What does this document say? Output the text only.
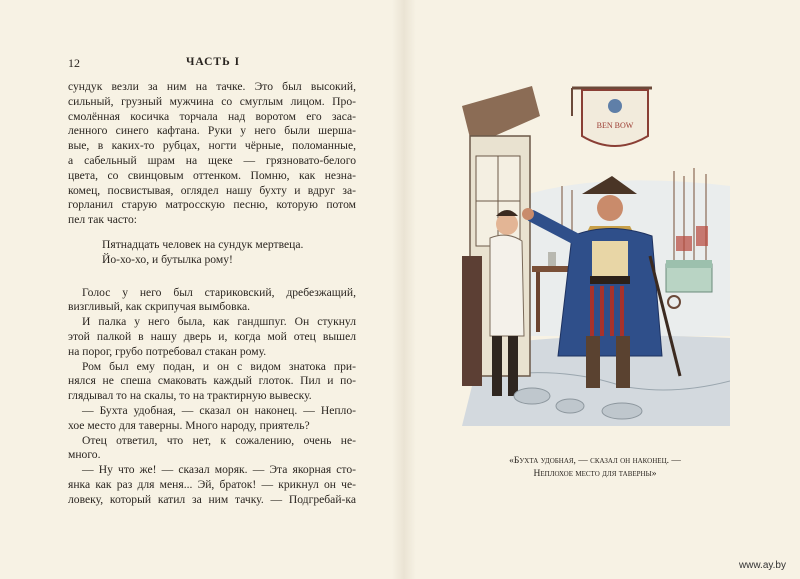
12	ЧАСТЬ I
сундук везли за ним на тачке. Это был высокий,
сильный, грузный мужчина со смуглым лицом. Про-
смолённая косичка торчала над воротом его заса-
ленного синего кафтана. Руки у него были шерша-
вые, в каких-то рубцах, ногти чёрные, поломанные,
а сабельный шрам на щеке — грязновато-белого
цвета, со свинцовым оттенком. Помню, как незна-
комец, посвистывая, оглядел нашу бухту и вдруг за-
горланил старую матросскую песню, которую потом
пел так часто:
Пятнадцать человек на сундук мертвеца.
Йо-хо-хо, и бутылка рому!
Голос у него был стариковский, дребезжащий,
визгливый, как скрипучая вымбовка.
И палка у него была, как гандшпуг. Он стукнул
этой палкой в нашу дверь и, когда мой отец вышел
на порог, грубо потребовал стакан рому.
Ром был ему подан, и он с видом знатока при-
нялся не спеша смаковать каждый глоток. Пил и по-
глядывал то на скалы, то на трактирную вывеску.
— Бухта удобная, — сказал он наконец. — Непло-
хое место для таверны. Много народу, приятель?
Отец ответил, что нет, к сожалению, очень не-
много.
— Ну что же! — сказал моряк. — Эта якорная сто-
янка как раз для меня... Эй, браток! — крикнул он че-
ловеку, который катил за ним тачку. — Подгребай-ка
BEN BOW
«Бухта удобная, — сказал он наконец. —
Неплохое место для таверны»
www.ay.by
